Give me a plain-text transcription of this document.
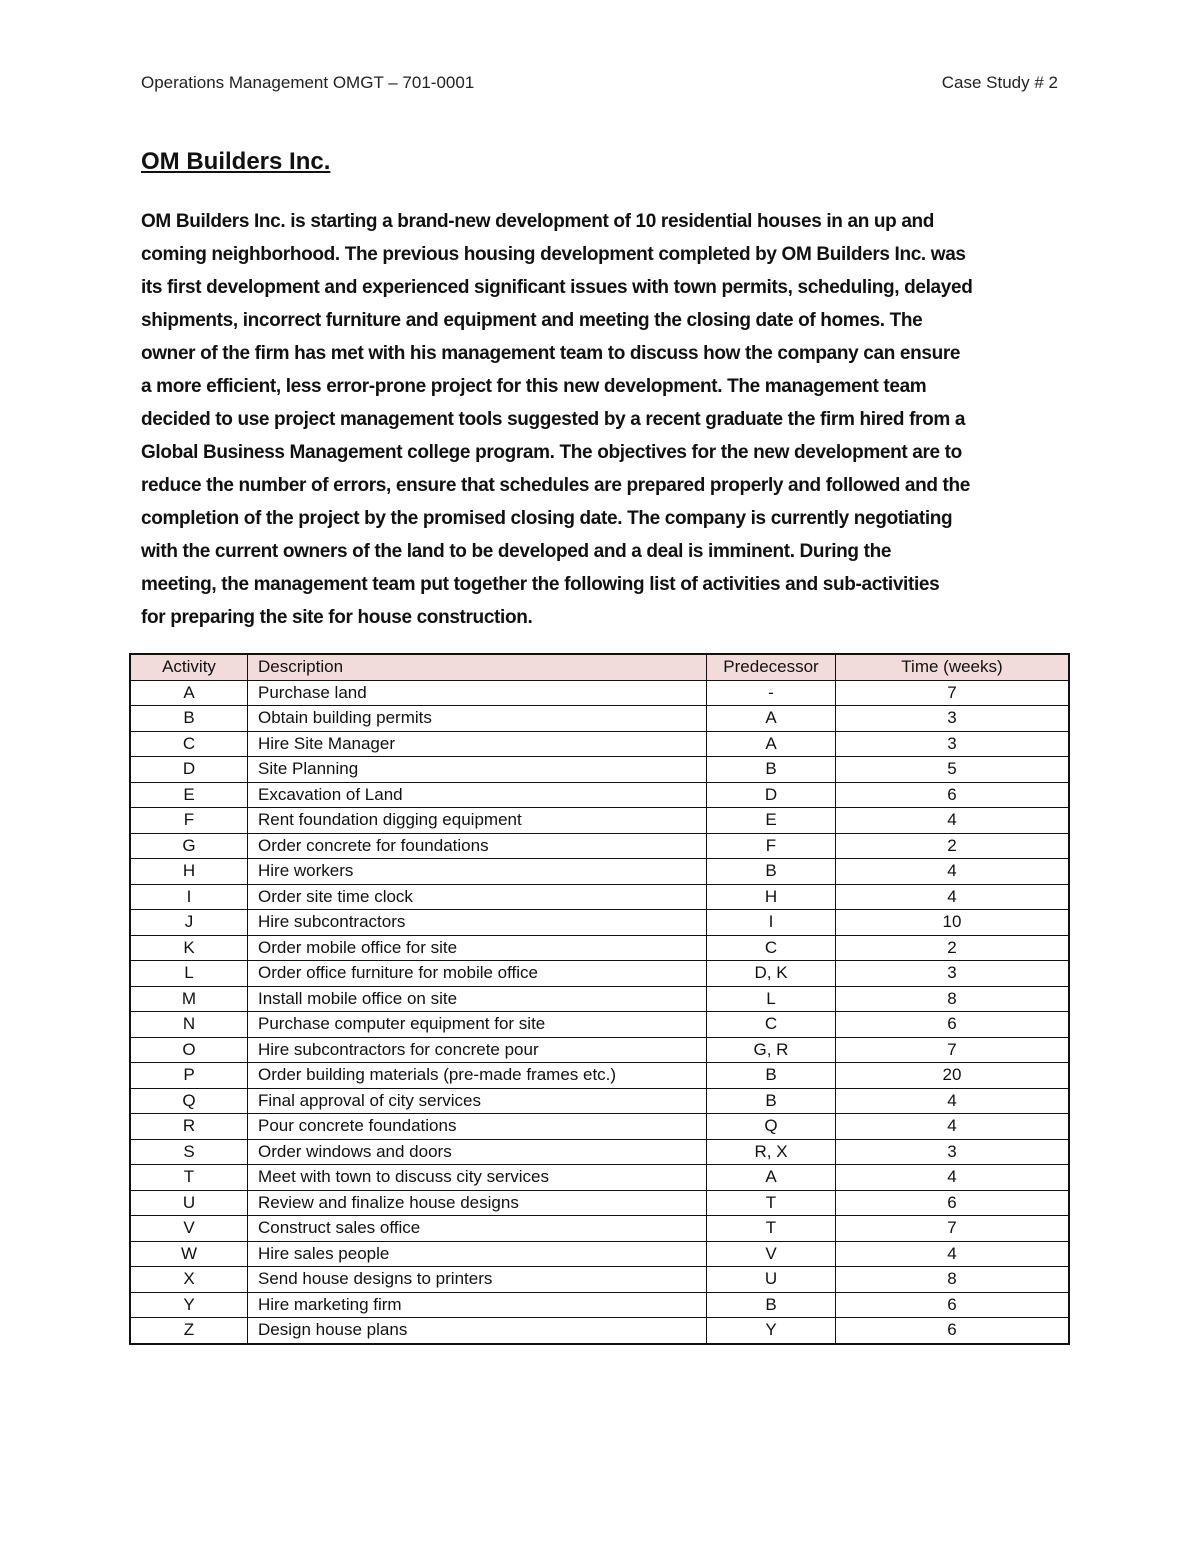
Operations Management OMGT – 701-0001	Case Study # 2
OM Builders Inc.
OM Builders Inc. is starting a brand-new development of 10 residential houses in an up and
coming neighborhood. The previous housing development completed by OM Builders Inc. was
its first development and experienced significant issues with town permits, scheduling, delayed
shipments, incorrect furniture and equipment and meeting the closing date of homes. The
owner of the firm has met with his management team to discuss how the company can ensure
a more efficient, less error-prone project for this new development. The management team
decided to use project management tools suggested by a recent graduate the firm hired from a
Global Business Management college program. The objectives for the new development are to
reduce the number of errors, ensure that schedules are prepared properly and followed and the
completion of the project by the promised closing date. The company is currently negotiating
with the current owners of the land to be developed and a deal is imminent. During the
meeting, the management team put together the following list of activities and sub-activities
for preparing the site for house construction.
Activity	Description	Predecessor	Time (weeks)
A	Purchase land	-	7
B	Obtain building permits	A	3
C	Hire Site Manager	A	3
D	Site Planning	B	5
E	Excavation of Land	D	6
F	Rent foundation digging equipment	E	4
G	Order concrete for foundations	F	2
H	Hire workers	B	4
I	Order site time clock	H	4
J	Hire subcontractors	I	10
K	Order mobile office for site	C	2
L	Order office furniture for mobile office	D, K	3
M	Install mobile office on site	L	8
N	Purchase computer equipment for site	C	6
O	Hire subcontractors for concrete pour	G, R	7
P	Order building materials (pre-made frames etc.)	B	20
Q	Final approval of city services	B	4
R	Pour concrete foundations	Q	4
S	Order windows and doors	R, X	3
T	Meet with town to discuss city services	A	4
U	Review and finalize house designs	T	6
V	Construct sales office	T	7
W	Hire sales people	V	4
X	Send house designs to printers	U	8
Y	Hire marketing firm	B	6
Z	Design house plans	Y	6
